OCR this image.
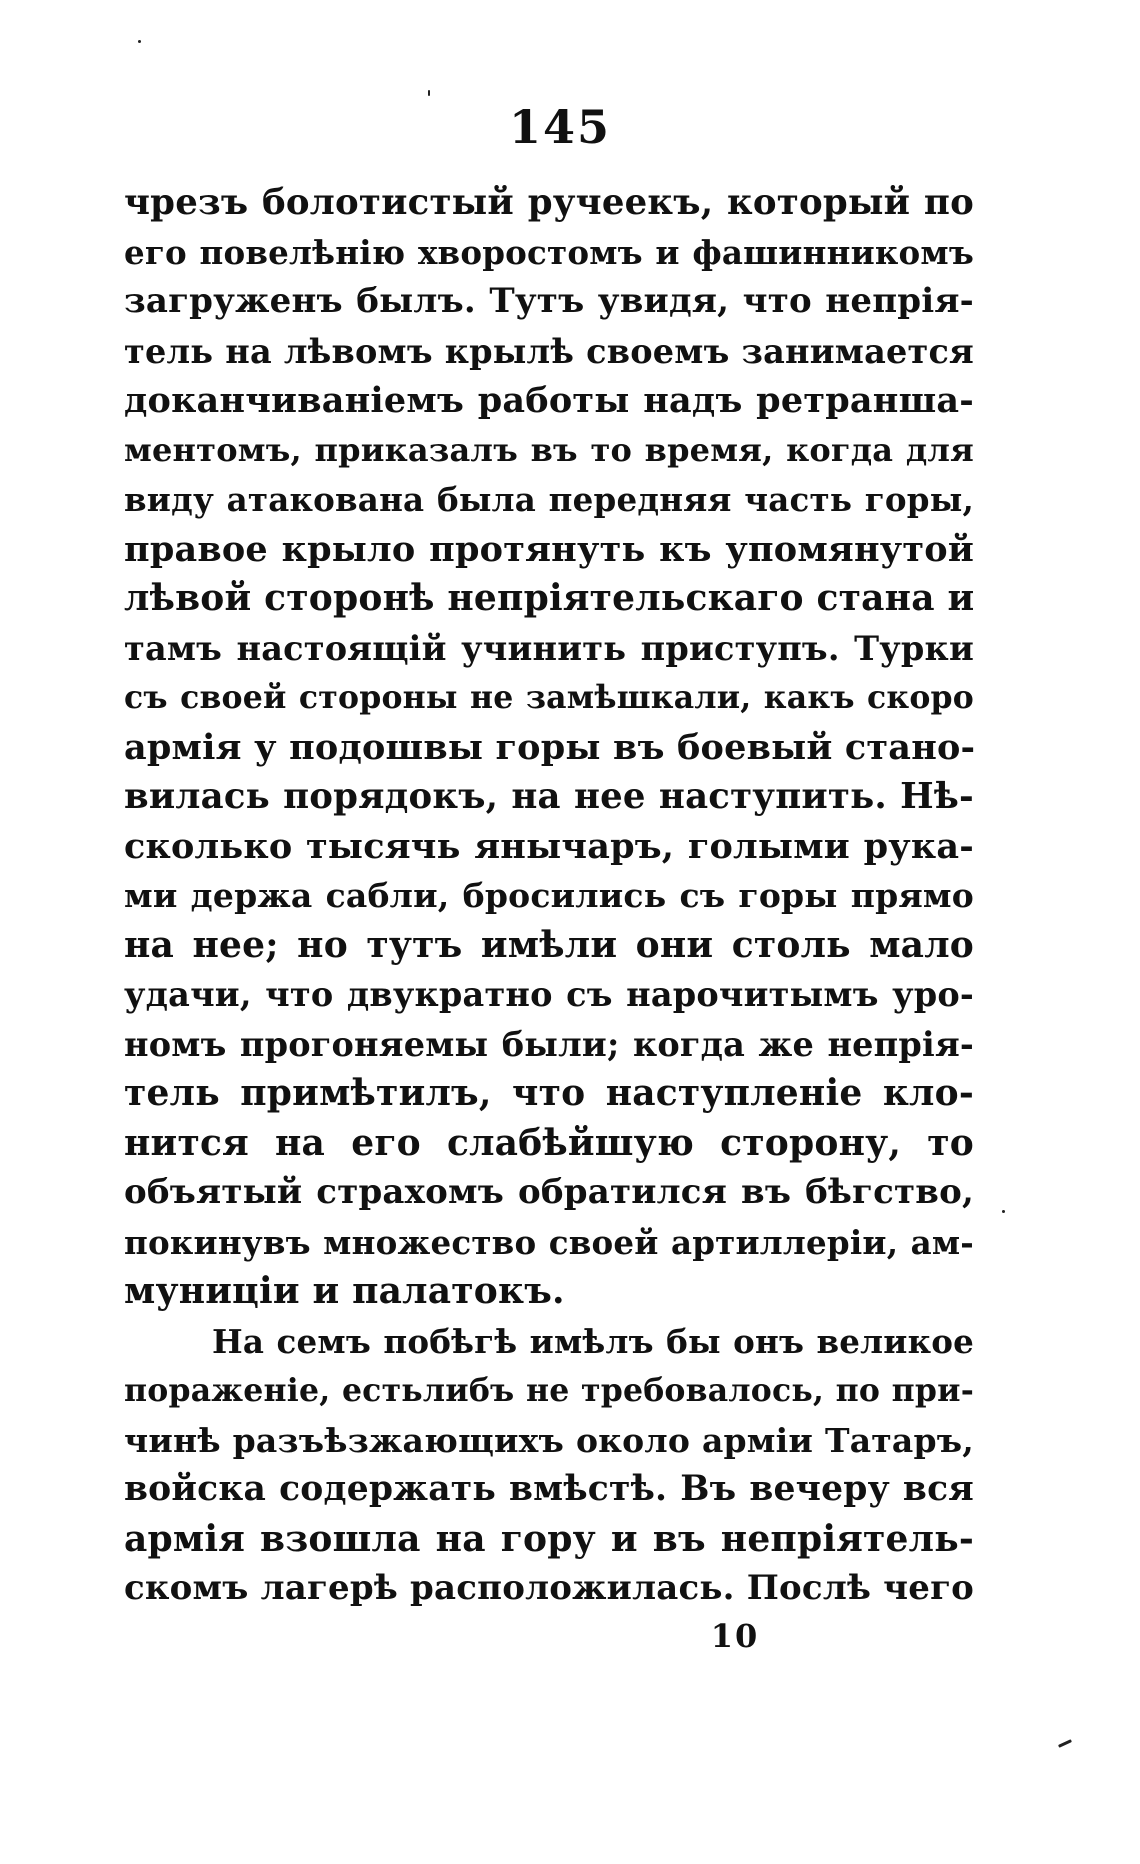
145
чрезъ болотистый ручеекъ, который по
его повелѣнію хворостомъ и фашинникомъ
загруженъ былъ. Тутъ увидя, что непрія-
тель на лѣвомъ крылѣ своемъ занимается
доканчиваніемъ работы надъ ретранша-
ментомъ, приказалъ въ то время, когда для
виду атакована была передняя часть горы,
правое крыло протянуть къ упомянутой
лѣвой сторонѣ непріятельскаго стана и
тамъ настоящій учинить приступъ. Турки
съ своей стороны не замѣшкали, какъ скоро
армія у подошвы горы въ боевый стано-
вилась порядокъ, на нее наступить. Нѣ-
сколько тысячь янычаръ, голыми рука-
ми держа сабли, бросились съ горы прямо
на нее; но тутъ имѣли они столь мало
удачи, что двукратно съ нарочитымъ уро-
номъ прогоняемы были; когда же непрія-
тель примѣтилъ, что наступленіе кло-
нится на его слабѣйшую сторону, то
объятый страхомъ обратился въ бѣгство,
покинувъ множество своей артиллеріи, ам-
муниціи и палатокъ.
На семъ побѣгѣ имѣлъ бы онъ великое
пораженіе, естьлибъ не требовалось, по при-
чинѣ разъѣзжающихъ около арміи Татаръ,
войска содержать вмѣстѣ. Въ вечеру вся
армія взошла на гору и въ непріятель-
скомъ лагерѣ расположилась. Послѣ чего
10
